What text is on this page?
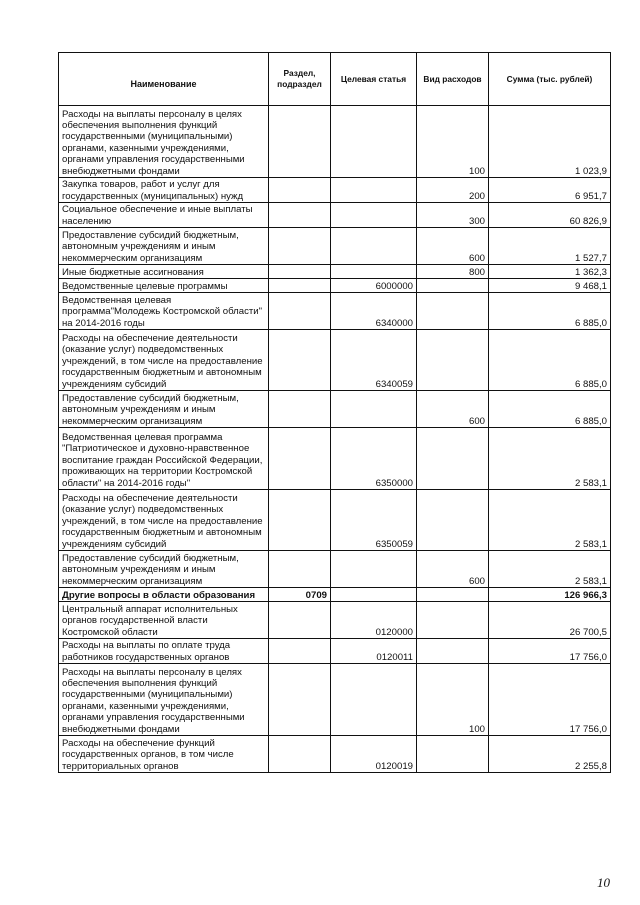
Наименование	Раздел, подраздел	Целевая статья	Вид расходов	Сумма (тыс. рублей)
Расходы на выплаты персоналу в целях обеспечения выполнения функций государственными (муниципальными) органами, казенными учреждениями, органами управления государственными внебюджетными фондами			100	1 023,9
Закупка товаров, работ и услуг для государственных (муниципальных) нужд			200	6 951,7
Социальное обеспечение и иные выплаты населению			300	60 826,9
Предоставление субсидий бюджетным, автономным учреждениям и иным некоммерческим организациям			600	1 527,7
Иные бюджетные ассигнования			800	1 362,3
Ведомственные целевые программы		6000000		9 468,1
Ведомственная целевая программа"Молодежь Костромской области" на 2014-2016 годы		6340000		6 885,0
Расходы на обеспечение деятельности (оказание услуг) подведомственных учреждений, в том числе на предоставление государственным бюджетным и автономным учреждениям субсидий		6340059		6 885,0
Предоставление субсидий бюджетным, автономным учреждениям и иным некоммерческим организациям			600	6 885,0
Ведомственная целевая программа "Патриотическое и духовно-нравственное воспитание граждан Российской Федерации, проживающих на территории Костромской области" на 2014-2016 годы"		6350000		2 583,1
Расходы на обеспечение деятельности (оказание услуг) подведомственных учреждений, в том числе на предоставление государственным бюджетным и автономным учреждениям субсидий		6350059		2 583,1
Предоставление субсидий бюджетным, автономным учреждениям и иным некоммерческим организациям			600	2 583,1
Другие вопросы в области образования	0709			126 966,3
Центральный аппарат исполнительных органов государственной власти Костромской области		0120000		26 700,5
Расходы на выплаты по оплате труда работников государственных органов		0120011		17 756,0
Расходы на выплаты персоналу в целях обеспечения выполнения функций государственными (муниципальными) органами, казенными учреждениями, органами управления государственными внебюджетными фондами			100	17 756,0
Расходы на обеспечение функций государственных органов, в том числе территориальных органов		0120019		2 255,8
10
